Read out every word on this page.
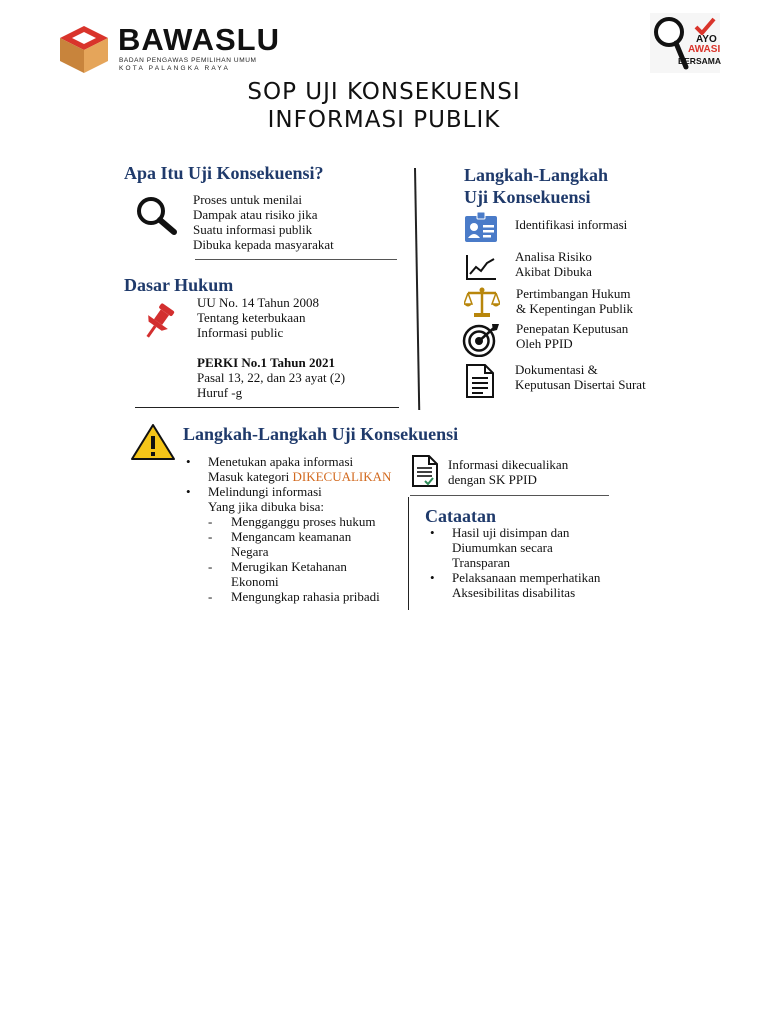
BAWASLU
BADAN PENGAWAS PEMILIHAN UMUM
KOTA PALANGKA RAYA
AYO
AWASI
BERSAMA
SOP UJI KONSEKUENSI
INFORMASI PUBLIK
Apa Itu Uji Konsekuensi?
Proses untuk menilai
Dampak atau risiko jika
Suatu informasi publik
Dibuka kepada masyarakat
Dasar Hukum
UU No. 14 Tahun 2008
Tentang keterbukaan
Informasi public
PERKI No.1 Tahun 2021
Pasal 13, 22, dan 23 ayat (2)
Huruf -g
Langkah-Langkah
Uji Konsekuensi
Identifikasi informasi
Analisa Risiko
Akibat Dibuka
Pertimbangan Hukum
& Kepentingan Publik
Penepatan Keputusan
Oleh PPID
Dokumentasi &
Keputusan Disertai Surat
Langkah-Langkah Uji Konsekuensi
• Menetukan apaka informasi
Masuk kategori DIKECUALIKAN
• Melindungi informasi
Yang jika dibuka bisa:
- Mengganggu proses hukum
- Mengancam keamanan
Negara
- Merugikan Ketahanan
Ekonomi
- Mengungkap rahasia pribadi
Informasi dikecualikan
dengan SK PPID
Cataatan
• Hasil uji disimpan dan
Diumumkan secara
Transparan
• Pelaksanaan memperhatikan
Aksesibilitas disabilitas
